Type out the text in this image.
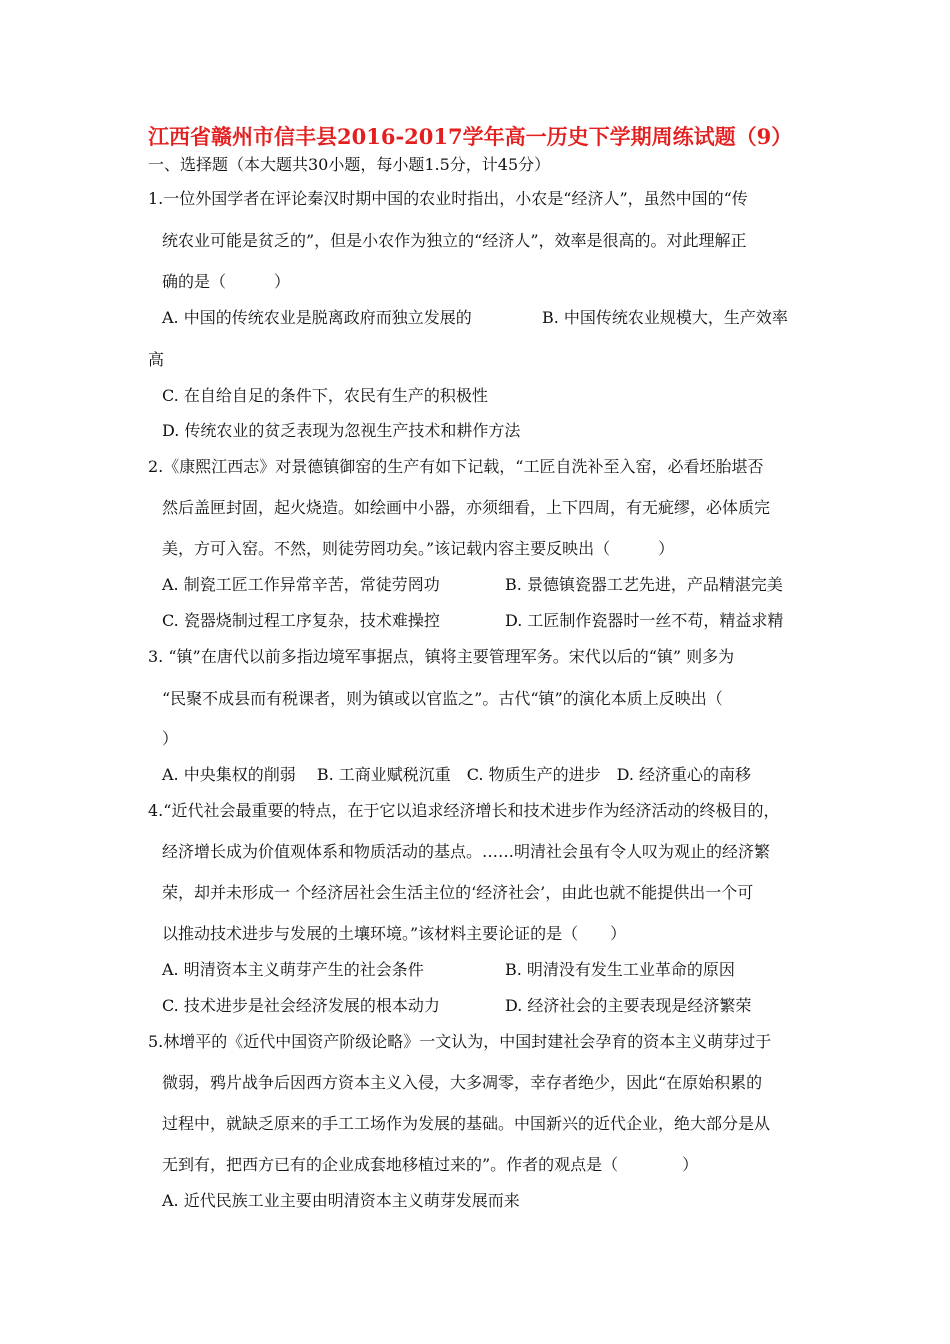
江西省赣州市信丰县2016-2017学年高一历史下学期周练试题（9）
一、选择题（本大题共30小题，每小题1.5分，计45分）
1.一位外国学者在评论秦汉时期中国的农业时指出，小农是“经济人”，虽然中国的“传
统农业可能是贫乏的”，但是小农作为独立的“经济人”，效率是很高的。对此理解正
确的是（　　　）
A. 中国的传统农业是脱离政府而独立发展的	B. 中国传统农业规模大，生产效率
高
C. 在自给自足的条件下，农民有生产的积极性
D. 传统农业的贫乏表现为忽视生产技术和耕作方法
2.《康熙江西志》对景德镇御窑的生产有如下记载，“工匠自洗补至入窑，必看坯胎堪否
然后盖匣封固，起火烧造。如绘画中小器，亦须细看，上下四周，有无疵缪，必体质完
美，方可入窑。不然，则徒劳罔功矣。”该记载内容主要反映出（　　　）
A. 制瓷工匠工作异常辛苦，常徒劳罔功	B. 景德镇瓷器工艺先进，产品精湛完美
C. 瓷器烧制过程工序复杂，技术难操控	D. 工匠制作瓷器时一丝不苟，精益求精
3. “镇”在唐代以前多指边境军事据点，镇将主要管理军务。宋代以后的“镇” 则多为
“民聚不成县而有税课者，则为镇或以官监之”。古代“镇”的演化本质上反映出（
）
A. 中央集权的削弱　 B. 工商业赋税沉重　C. 物质生产的进步　D. 经济重心的南移
4.“近代社会最重要的特点，在于它以追求经济增长和技术进步作为经济活动的终极目的，
经济增长成为价值观体系和物质活动的基点。……明清社会虽有令人叹为观止的经济繁
荣，却并未形成一 个经济居社会生活主位的‘经济社会’，由此也就不能提供出一个可
以推动技术进步与发展的土壤环境。”该材料主要论证的是（　　）
A. 明清资本主义萌芽产生的社会条件	B. 明清没有发生工业革命的原因
C. 技术进步是社会经济发展的根本动力	D. 经济社会的主要表现是经济繁荣
5.林增平的《近代中国资产阶级论略》一文认为，中国封建社会孕育的资本主义萌芽过于
微弱，鸦片战争后因西方资本主义入侵，大多凋零，幸存者绝少，因此“在原始积累的
过程中，就缺乏原来的手工工场作为发展的基础。中国新兴的近代企业，绝大部分是从
无到有，把西方已有的企业成套地移植过来的”。作者的观点是（　　　　）
A. 近代民族工业主要由明清资本主义萌芽发展而来
